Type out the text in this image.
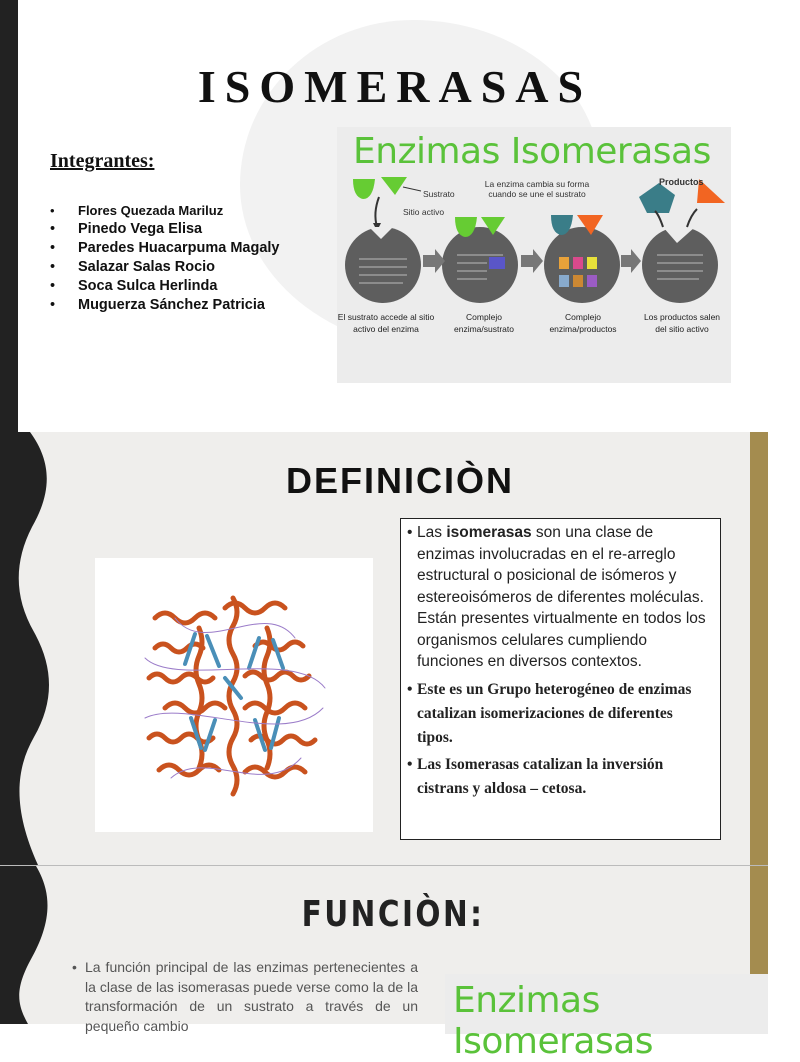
ISOMERASAS
Integrantes:
• Flores Quezada Mariluz
• Pinedo Vega Elisa
• Paredes Huacarpuma Magaly
• Salazar Salas Rocio
• Soca Sulca Herlinda
• Muguerza Sánchez Patricia
Enzimas Isomerasas
Sustrato
Sitio activo
La enzima cambia su forma cuando se une el sustrato
Productos
El sustrato accede al sitio activo del enzima
Complejo enzima/sustrato
Complejo enzima/productos
Los productos salen del sitio activo
DEFINICIÒN

• Las isomerasas son una clase de enzimas involucradas en el re-arreglo estructural o posicional de isómeros y estereoisómeros de diferentes moléculas. Están presentes virtualmente en todos los organismos celulares cumpliendo funciones en diversos contextos.

• Este es un Grupo heterogéneo de enzimas catalizan isomerizaciones de diferentes tipos.

• Las Isomerasas catalizan la inversión cistrans y aldosa – cetosa.

FUNCIÒN:

• La función principal de las enzimas pertenecientes a la clase de las isomerasas puede verse como la de la transformación de un sustrato a través de un pequeño cambio

Enzimas Isomerasas
